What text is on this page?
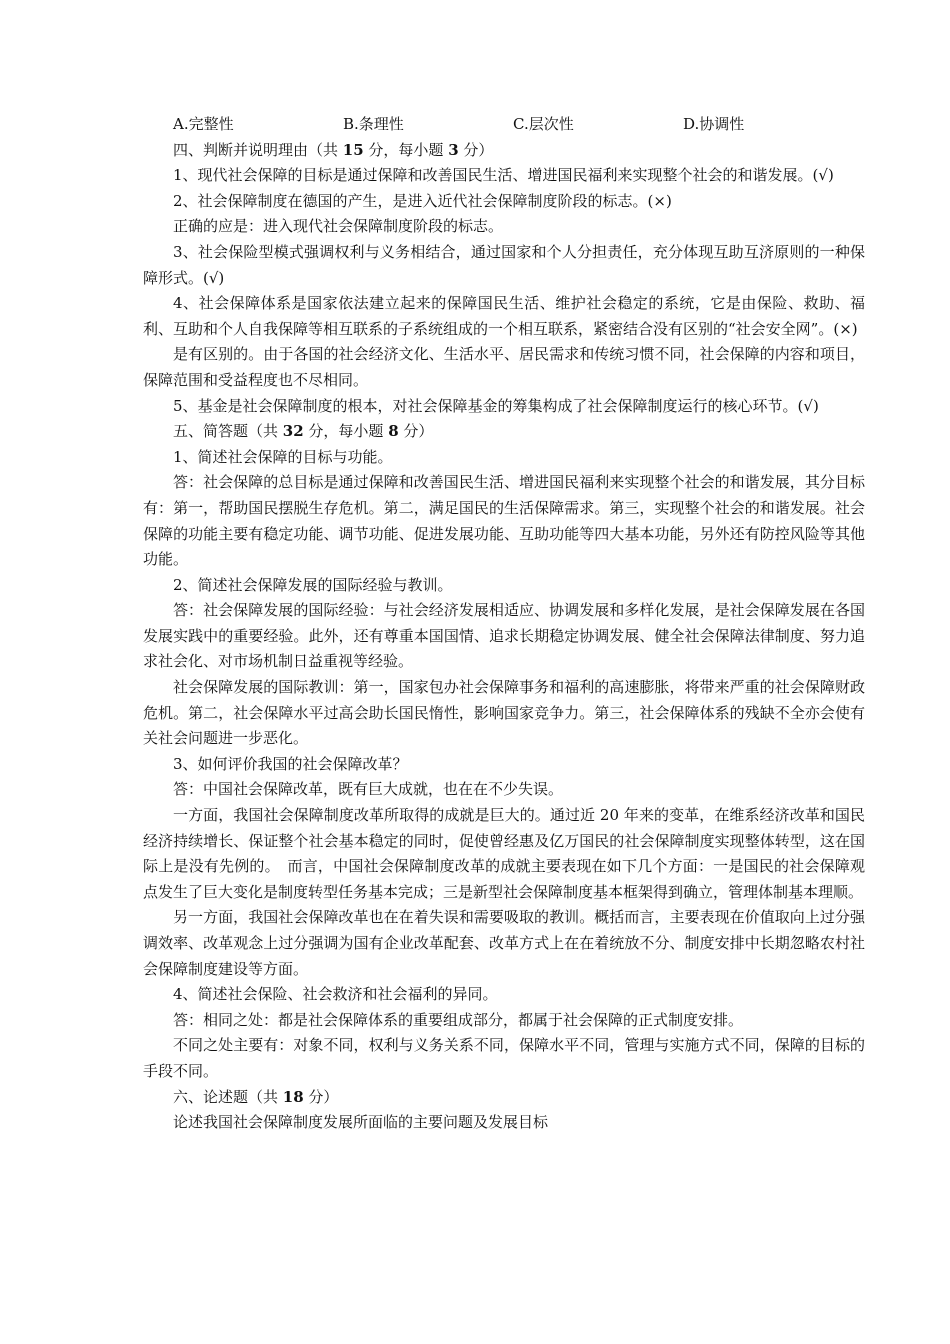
A.完整性	B.条理性	C.层次性	D.协调性

四、判断并说明理由（共 15 分，每小题 3 分）

1、现代社会保障的目标是通过保障和改善国民生活、增进国民福利来实现整个社会的和谐发展。(√)

2、社会保障制度在德国的产生，是进入近代社会保障制度阶段的标志。(×)

正确的应是：进入现代社会保障制度阶段的标志。

3、社会保险型模式强调权利与义务相结合，通过国家和个人分担责任，充分体现互助互济原则的一种保障形式。(√)

4、社会保障体系是国家依法建立起来的保障国民生活、维护社会稳定的系统，它是由保险、救助、福利、互助和个人自我保障等相互联系的子系统组成的一个相互联系，紧密结合没有区别的“社会安全网”。(×)

是有区别的。由于各国的社会经济文化、生活水平、居民需求和传统习惯不同，社会保障的内容和项目，保障范围和受益程度也不尽相同。

5、基金是社会保障制度的根本，对社会保障基金的筹集构成了社会保障制度运行的核心环节。(√)

五、简答题（共 32 分，每小题 8 分）

1、简述社会保障的目标与功能。

答：社会保障的总目标是通过保障和改善国民生活、增进国民福利来实现整个社会的和谐发展，其分目标有：第一，帮助国民摆脱生存危机。第二，满足国民的生活保障需求。第三，实现整个社会的和谐发展。社会保障的功能主要有稳定功能、调节功能、促进发展功能、互助功能等四大基本功能，另外还有防控风险等其他功能。

2、简述社会保障发展的国际经验与教训。

答：社会保障发展的国际经验：与社会经济发展相适应、协调发展和多样化发展，是社会保障发展在各国发展实践中的重要经验。此外，还有尊重本国国情、追求长期稳定协调发展、健全社会保障法律制度、努力追求社会化、对市场机制日益重视等经验。

社会保障发展的国际教训：第一，国家包办社会保障事务和福利的高速膨胀，将带来严重的社会保障财政危机。第二，社会保障水平过高会助长国民惰性，影响国家竞争力。第三，社会保障体系的残缺不全亦会使有关社会问题进一步恶化。

3、如何评价我国的社会保障改革？

答：中国社会保障改革，既有巨大成就，也在在不少失误。

一方面，我国社会保障制度改革所取得的成就是巨大的。通过近 20 年来的变革，在维系经济改革和国民经济持续增长、保证整个社会基本稳定的同时，促使曾经惠及亿万国民的社会保障制度实现整体转型，这在国际上是没有先例的。　而言，中国社会保障制度改革的成就主要表现在如下几个方面：一是国民的社会保障观点发生了巨大变化是制度转型任务基本完成；三是新型社会保障制度基本框架得到确立，管理体制基本理顺。

另一方面，我国社会保障改革也在在着失误和需要吸取的教训。概括而言，主要表现在价值取向上过分强调效率、改革观念上过分强调为国有企业改革配套、改革方式上在在着统放不分、制度安排中长期忽略农村社会保障制度建设等方面。

4、简述社会保险、社会救济和社会福利的异同。

答：相同之处：都是社会保障体系的重要组成部分，都属于社会保障的正式制度安排。

不同之处主要有：对象不同，权利与义务关系不同，保障水平不同，管理与实施方式不同，保障的目标的手段不同。

六、论述题（共 18 分）

论述我国社会保障制度发展所面临的主要问题及发展目标
